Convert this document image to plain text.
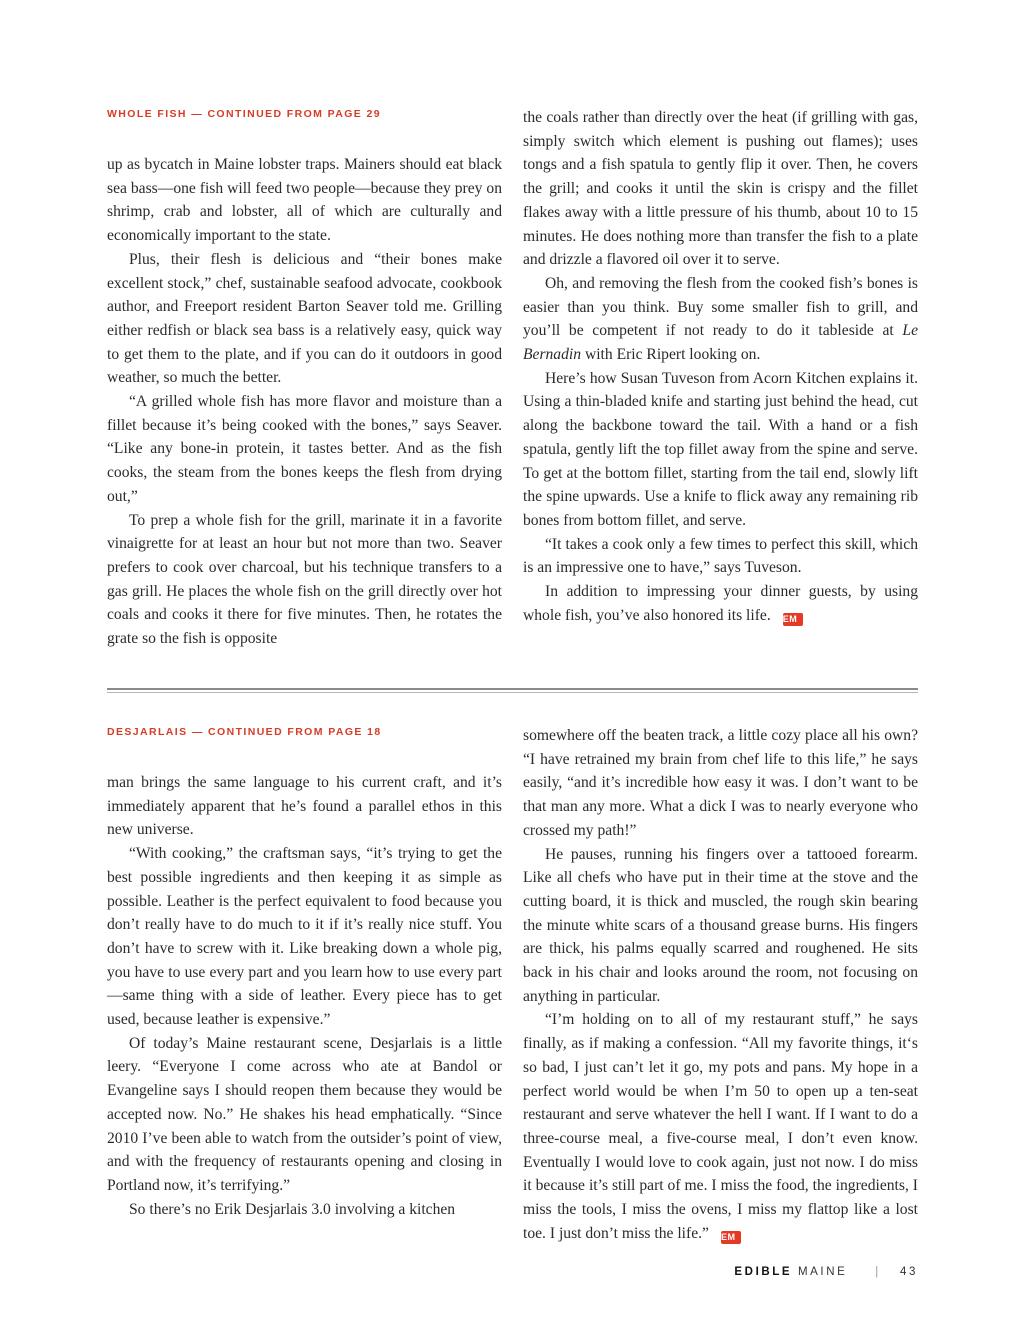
WHOLE FISH — CONTINUED FROM PAGE 29

up as bycatch in Maine lobster traps. Mainers should eat black sea bass—one fish will feed two people—because they prey on shrimp, crab and lobster, all of which are culturally and economically important to the state.

Plus, their flesh is delicious and “their bones make excellent stock,” chef, sustainable seafood advocate, cookbook author, and Freeport resident Barton Seaver told me. Grilling either redfish or black sea bass is a relatively easy, quick way to get them to the plate, and if you can do it outdoors in good weather, so much the better.

“A grilled whole fish has more flavor and moisture than a fillet because it’s being cooked with the bones,” says Seaver. “Like any bone-in protein, it tastes better. And as the fish cooks, the steam from the bones keeps the flesh from drying out,”

To prep a whole fish for the grill, marinate it in a favorite vinaigrette for at least an hour but not more than two. Seaver prefers to cook over charcoal, but his technique transfers to a gas grill. He places the whole fish on the grill directly over hot coals and cooks it there for five minutes. Then, he rotates the grate so the fish is opposite

the coals rather than directly over the heat (if grilling with gas, simply switch which element is pushing out flames); uses tongs and a fish spatula to gently flip it over. Then, he covers the grill; and cooks it until the skin is crispy and the fillet flakes away with a little pressure of his thumb, about 10 to 15 minutes. He does nothing more than transfer the fish to a plate and drizzle a flavored oil over it to serve.

Oh, and removing the flesh from the cooked fish’s bones is easier than you think. Buy some smaller fish to grill, and you’ll be competent if not ready to do it tableside at Le Bernadin with Eric Ripert looking on.

Here’s how Susan Tuveson from Acorn Kitchen explains it. Using a thin-bladed knife and starting just behind the head, cut along the backbone toward the tail. With a hand or a fish spatula, gently lift the top fillet away from the spine and serve. To get at the bottom fillet, starting from the tail end, slowly lift the spine upwards. Use a knife to flick away any remaining rib bones from bottom fillet, and serve.

“It takes a cook only a few times to perfect this skill, which is an impressive one to have,” says Tuveson.

In addition to impressing your dinner guests, by using whole fish, you’ve also honored its life. EM

DESJARLAIS — CONTINUED FROM PAGE 18

man brings the same language to his current craft, and it’s immediately apparent that he’s found a parallel ethos in this new universe.

“With cooking,” the craftsman says, “it’s trying to get the best possible ingredients and then keeping it as simple as possible. Leather is the perfect equivalent to food because you don’t really have to do much to it if it’s really nice stuff. You don’t have to screw with it. Like breaking down a whole pig, you have to use every part and you learn how to use every part—same thing with a side of leather. Every piece has to get used, because leather is expensive.”

Of today’s Maine restaurant scene, Desjarlais is a little leery. “Everyone I come across who ate at Bandol or Evangeline says I should reopen them because they would be accepted now. No.” He shakes his head emphatically. “Since 2010 I’ve been able to watch from the outsider’s point of view, and with the frequency of restaurants opening and closing in Portland now, it’s terrifying.”

So there’s no Erik Desjarlais 3.0 involving a kitchen

somewhere off the beaten track, a little cozy place all his own? “I have retrained my brain from chef life to this life,” he says easily, “and it’s incredible how easy it was. I don’t want to be that man any more. What a dick I was to nearly everyone who crossed my path!”

He pauses, running his fingers over a tattooed forearm. Like all chefs who have put in their time at the stove and the cutting board, it is thick and muscled, the rough skin bearing the minute white scars of a thousand grease burns. His fingers are thick, his palms equally scarred and roughened. He sits back in his chair and looks around the room, not focusing on anything in particular.

“I’m holding on to all of my restaurant stuff,” he says finally, as if making a confession. “All my favorite things, it‘s so bad, I just can’t let it go, my pots and pans. My hope in a perfect world would be when I’m 50 to open up a ten-seat restaurant and serve whatever the hell I want. If I want to do a three-course meal, a five-course meal, I don’t even know. Eventually I would love to cook again, just not now. I do miss it because it’s still part of me. I miss the food, the ingredients, I miss the tools, I miss the ovens, I miss my flattop like a lost toe. I just don’t miss the life.” EM

EDIBLE MAINE | 43
